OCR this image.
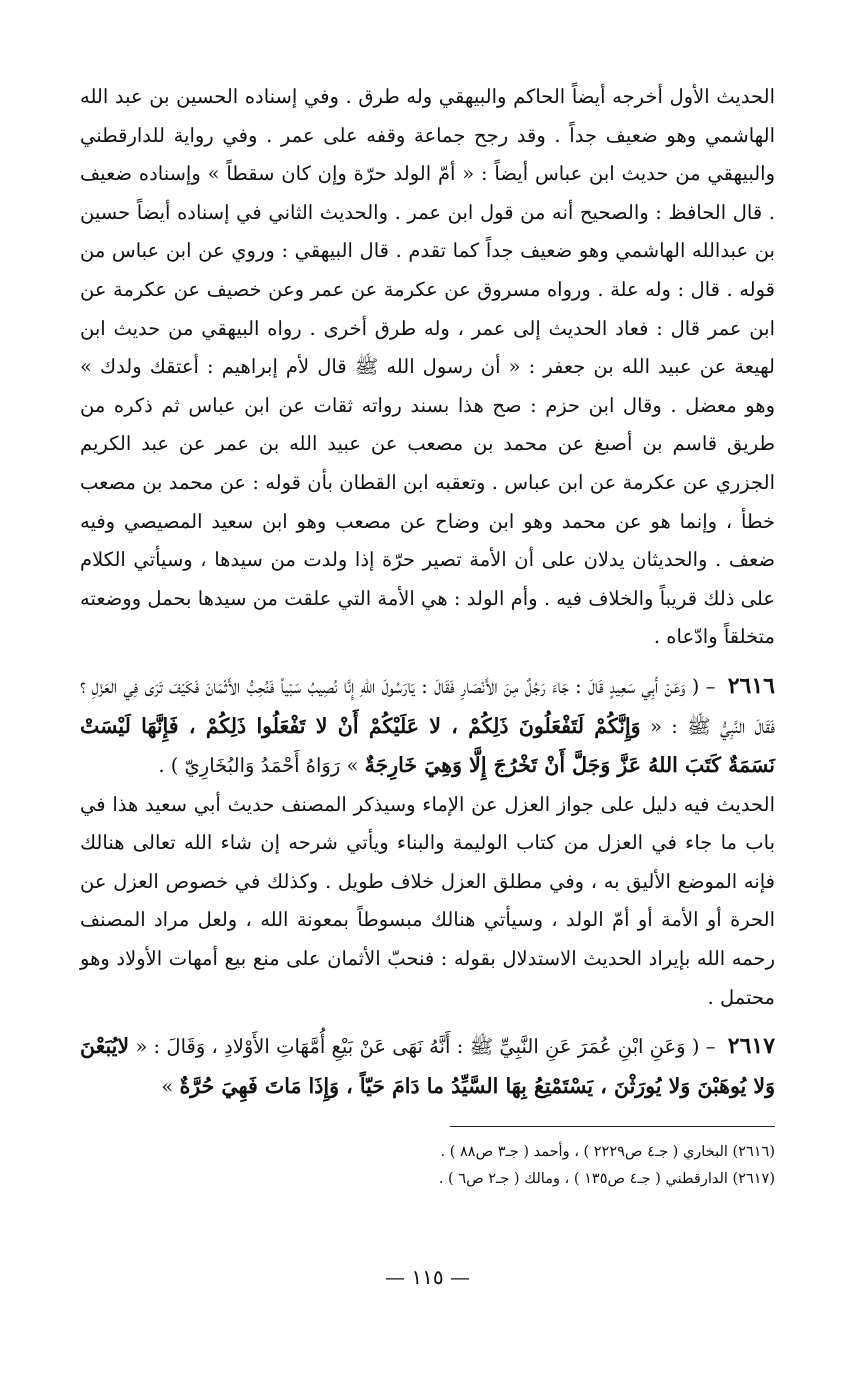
الحديث الأول أخرجه أيضاً الحاكم والبيهقي وله طرق . وفي إسناده الحسين بن عبد الله الهاشمي وهو ضعيف جداً . وقد رجح جماعة وقفه على عمر . وفي رواية للدارقطني والبيهقي من حديث ابن عباس أيضاً : « أمّ الولد حرّة وإن كان سقطاً » وإسناده ضعيف . قال الحافظ : والصحيح أنه من قول ابن عمر . والحديث الثاني في إسناده أيضاً حسين بن عبدالله الهاشمي وهو ضعيف جداً كما تقدم . قال البيهقي : وروي عن ابن عباس من قوله . قال : وله علة . ورواه مسروق عن عكرمة عن عمر وعن خصيف عن عكرمة عن ابن عمر قال : فعاد الحديث إلى عمر ، وله طرق أخرى . رواه البيهقي من حديث ابن لهيعة عن عبيد الله بن جعفر : « أن رسول الله ﷺ قال لأم إبراهيم : أعتقك ولدك » وهو معضل . وقال ابن حزم : صح هذا بسند رواته ثقات عن ابن عباس ثم ذكره من طريق قاسم بن أصبغ عن محمد بن مصعب عن عبيد الله بن عمر عن عبد الكريم الجزري عن عكرمة عن ابن عباس . وتعقبه ابن القطان بأن قوله : عن محمد بن مصعب خطأ ، وإنما هو عن محمد وهو ابن وضاح عن مصعب وهو ابن سعيد المصيصي وفيه ضعف . والحديثان يدلان على أن الأمة تصير حرّة إذا ولدت من سيدها ، وسيأتي الكلام على ذلك قريباً والخلاف فيه . وأم الولد : هي الأمة التي علقت من سيدها بحمل ووضعته متخلقاً وادّعاه .

٢٦١٦ – ( وَعَنْ أَبِي سَعِيدٍ قَالَ : جَاءَ رَجُلٌ مِنَ الأَنْصَارِ فَقَالَ : يَارَسُولَ اللهِ إِنَّا نُصِيبُ سَبْياً فَنُحِبُّ الأَثْمَانَ فَكَيْفَ تَرَى فِي العَزْلِ ؟ فَقَالَ النَّبِيُّ ﷺ : « وَإِنَّكُمْ لَتَفْعَلُونَ ذَلِكُمْ ، لا عَلَيْكُمْ أَنْ لا تَفْعَلُوا ذَلِكُمْ ، فَإِنَّهَا لَيْسَتْ نَسَمَةٌ كَتَبَ اللهُ عَزَّ وَجَلَّ أَنْ تَخْرُجَ إِلَّا وَهِيَ خَارِجَةٌ » رَوَاهُ أَحْمَدُ وَالبُخَارِيّ ) .

الحديث فيه دليل على جواز العزل عن الإماء وسيذكر المصنف حديث أبي سعيد هذا في باب ما جاء في العزل من كتاب الوليمة والبناء ويأتي شرحه إن شاء الله تعالى هنالك فإنه الموضع الأليق به ، وفي مطلق العزل خلاف طويل . وكذلك في خصوص العزل عن الحرة أو الأمة أو أمّ الولد ، وسيأتي هنالك مبسوطاً بمعونة الله ، ولعل مراد المصنف رحمه الله بإيراد الحديث الاستدلال بقوله : فنحبّ الأثمان على منع بيع أمهات الأولاد وهو محتمل .

٢٦١٧ – ( وَعَنِ ابْنِ عُمَرَ عَنِ النَّبِيِّ ﷺ : أَنَّهُ نَهَى عَنْ بَيْعِ أُمَّهَاتِ الأَوْلادِ ، وَقَالَ : « لايُبَعْنَ وَلا يُوهَبْنَ وَلا يُورَثْنَ ، يَسْتَمْتِعُ بِهَا السَّيِّدُ ما دَامَ حَيّاً ، وَإِذَا مَاتَ فَهِيَ حُرَّةٌ »

(٢٦١٦) البخاري ( جـ٤ ص٢٢٢٩ ) ، وأحمد ( جـ٣ ص٨٨ ) .

(٢٦١٧) الدارقطني ( جـ٤ ص١٣٥ ) ، ومالك ( جـ٢ ص٦ ) .

— ١١٥ —
